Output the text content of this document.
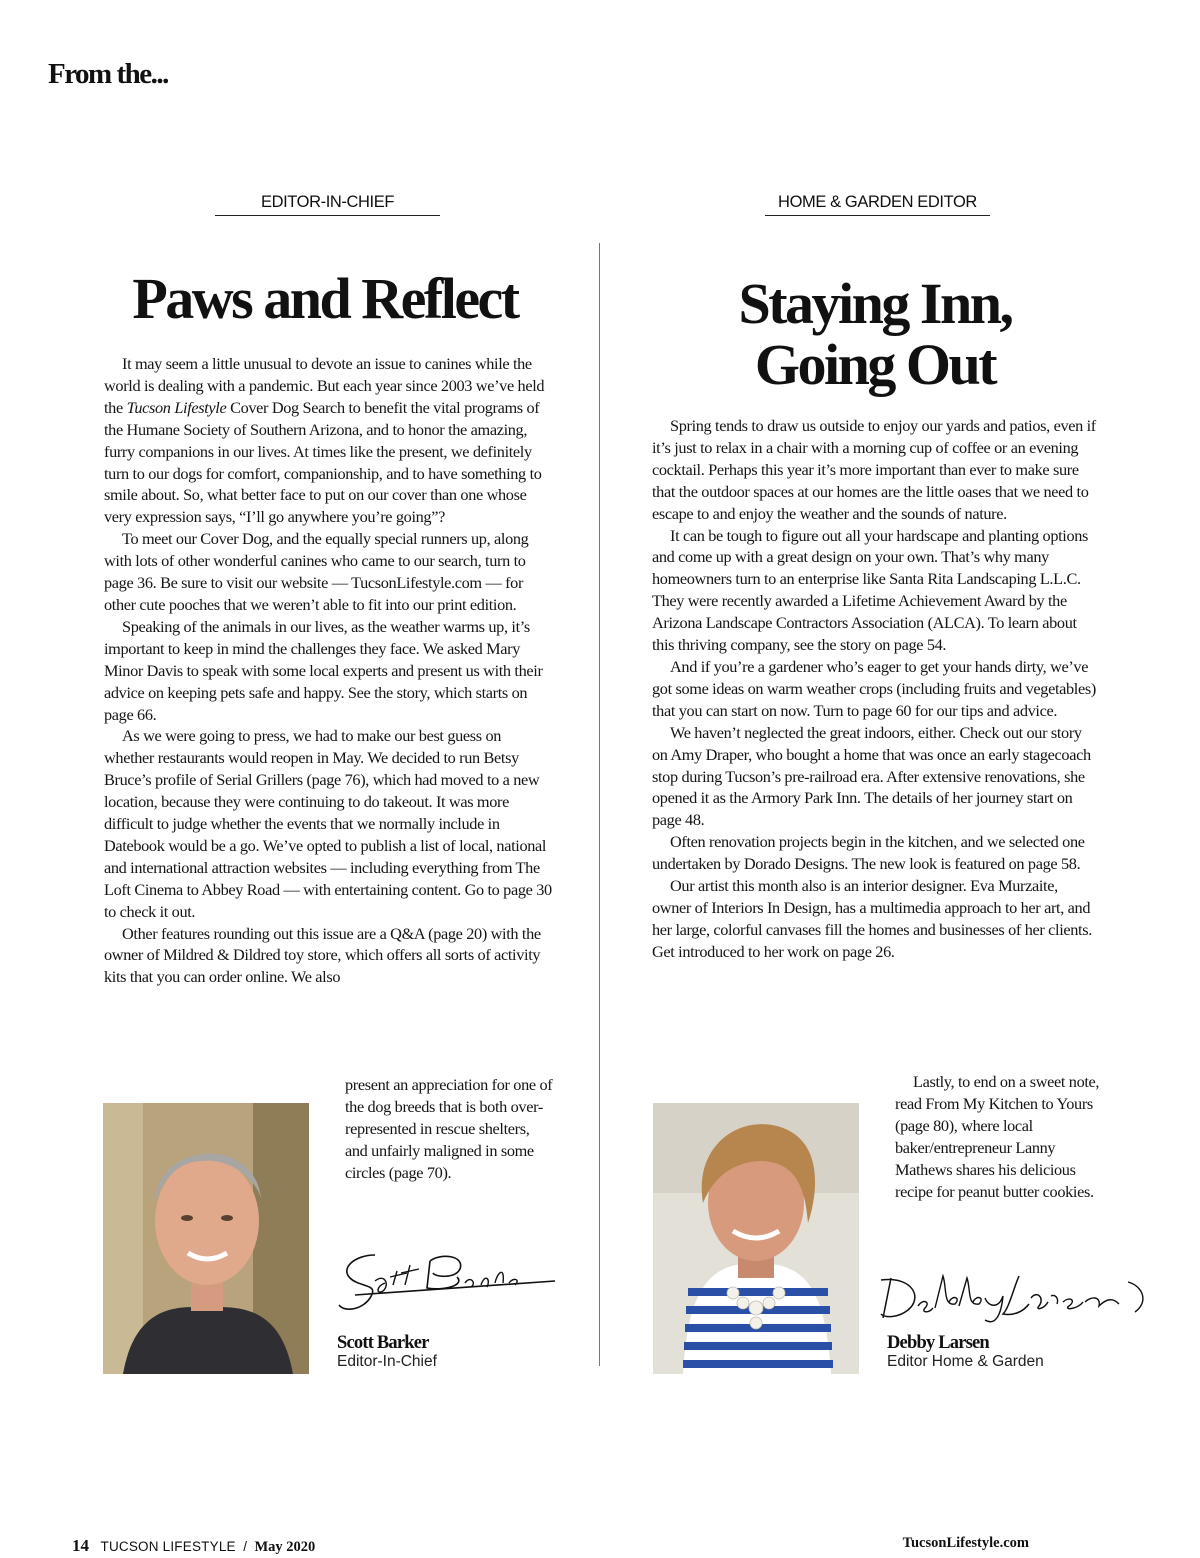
From the...
EDITOR-IN-CHIEF
Paws and Reflect

It may seem a little unusual to devote an issue to canines while the world is dealing with a pandemic. But each year since 2003 we’ve held the Tucson Lifestyle Cover Dog Search to benefit the vital programs of the Humane Society of Southern Arizona, and to honor the amazing, furry companions in our lives. At times like the present, we definitely turn to our dogs for comfort, companionship, and to have something to smile about. So, what better face to put on our cover than one whose very expression says, “I’ll go anywhere you’re going”?

To meet our Cover Dog, and the equally special runners up, along with lots of other wonderful canines who came to our search, turn to page 36. Be sure to visit our website — TucsonLifestyle.com — for other cute pooches that we weren’t able to fit into our print edition.

Speaking of the animals in our lives, as the weather warms up, it’s important to keep in mind the challenges they face. We asked Mary Minor Davis to speak with some local experts and present us with their advice on keeping pets safe and happy. See the story, which starts on page 66.

As we were going to press, we had to make our best guess on whether restaurants would reopen in May. We decided to run Betsy Bruce’s profile of Serial Grillers (page 76), which had moved to a new location, because they were continuing to do takeout. It was more difficult to judge whether the events that we normally include in Datebook would be a go. We’ve opted to publish a list of local, national and international attraction websites — including everything from The Loft Cinema to Abbey Road — with entertaining content. Go to page 30 to check it out.

Other features rounding out this issue are a Q&A (page 20) with the owner of Mildred & Dildred toy store, which offers all sorts of activity kits that you can order online. We also

present an appreciation for one of the dog breeds that is both over-represented in rescue shelters, and unfairly maligned in some circles (page 70).

Scott Barker
Editor-In-Chief
HOME & GARDEN EDITOR
Staying Inn,
Going Out

Spring tends to draw us outside to enjoy our yards and patios, even if it’s just to relax in a chair with a morning cup of coffee or an evening cocktail. Perhaps this year it’s more important than ever to make sure that the outdoor spaces at our homes are the little oases that we need to escape to and enjoy the weather and the sounds of nature.

It can be tough to figure out all your hardscape and planting options and come up with a great design on your own. That’s why many homeowners turn to an enterprise like Santa Rita Landscaping L.L.C. They were recently awarded a Lifetime Achievement Award by the Arizona Landscape Contractors Association (ALCA). To learn about this thriving company, see the story on page 54.

And if you’re a gardener who’s eager to get your hands dirty, we’ve got some ideas on warm weather crops (including fruits and vegetables) that you can start on now. Turn to page 60 for our tips and advice.

We haven’t neglected the great indoors, either. Check out our story on Amy Draper, who bought a home that was once an early stagecoach stop during Tucson’s pre-railroad era. After extensive renovations, she opened it as the Armory Park Inn. The details of her journey start on page 48.

Often renovation projects begin in the kitchen, and we selected one undertaken by Dorado Designs. The new look is featured on page 58.

Our artist this month also is an interior designer. Eva Murzaite, owner of Interiors In Design, has a multimedia approach to her art, and her large, colorful canvases fill the homes and businesses of her clients. Get introduced to her work on page 26.

Lastly, to end on a sweet note, read From My Kitchen to Yours (page 80), where local baker/entrepreneur Lanny Mathews shares his delicious recipe for peanut butter cookies.

Debby Larsen
Editor Home & Garden
14 TUCSON LIFESTYLE / May 2020	TucsonLifestyle.com
